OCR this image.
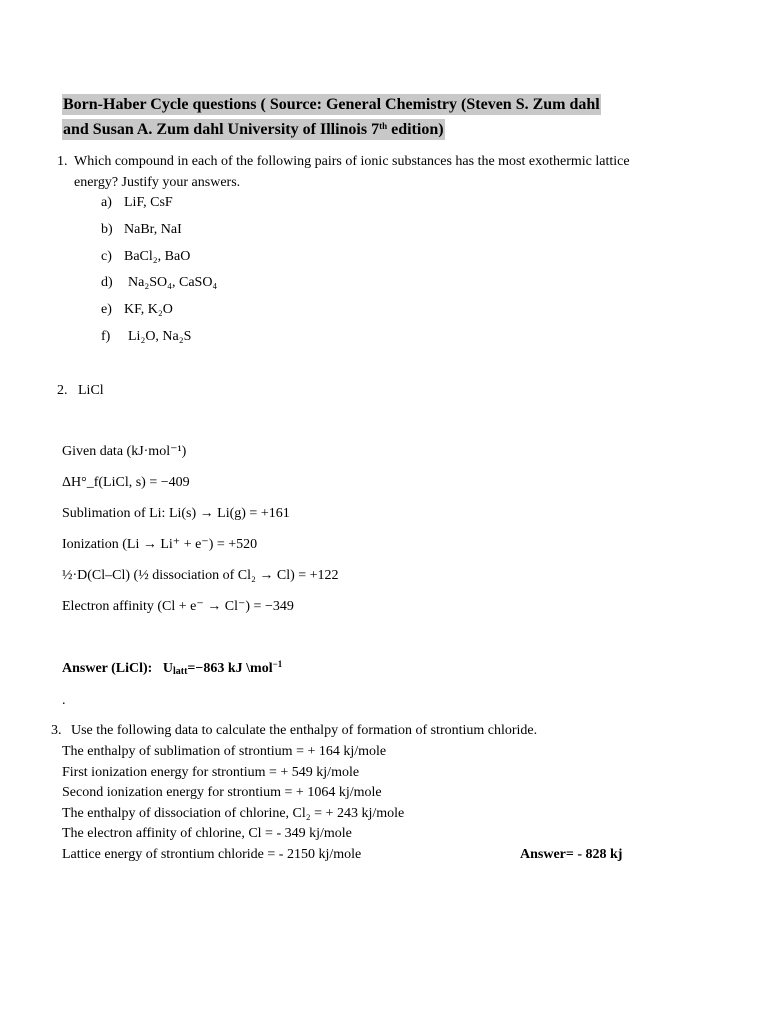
Born-Haber Cycle questions ( Source: General Chemistry (Steven S. Zum dahl
and Susan A. Zum dahl University of Illinois 7th edition)
1. Which compound in each of the following pairs of ionic substances has the most exothermic lattice
energy? Justify your answers.
a) LiF, CsF
b) NaBr, NaI
c) BaCl₂, BaO
d) Na₂SO₄, CaSO₄
e) KF, K₂O
f) Li₂O, Na₂S
2. LiCl
Given data (kJ·mol⁻¹)
ΔH°_f(LiCl, s) = −409
Sublimation of Li: Li(s) → Li(g) = +161
Ionization (Li → Li⁺ + e⁻) = +520
½·D(Cl–Cl) (½ dissociation of Cl₂ → Cl) = +122
Electron affinity (Cl + e⁻ → Cl⁻) = −349
Answer (LiCl): $U_{latt}=-863$ kJ \mol$^{-1}$
.
3. Use the following data to calculate the enthalpy of formation of strontium chloride.
The enthalpy of sublimation of strontium = + 164 kj/mole
First ionization energy for strontium = + 549 kj/mole
Second ionization energy for strontium = + 1064 kj/mole
The enthalpy of dissociation of chlorine, Cl₂ = + 243 kj/mole
The electron affinity of chlorine, Cl = - 349 kj/mole
Lattice energy of strontium chloride = - 2150 kj/mole	Answer= - 828 kj
